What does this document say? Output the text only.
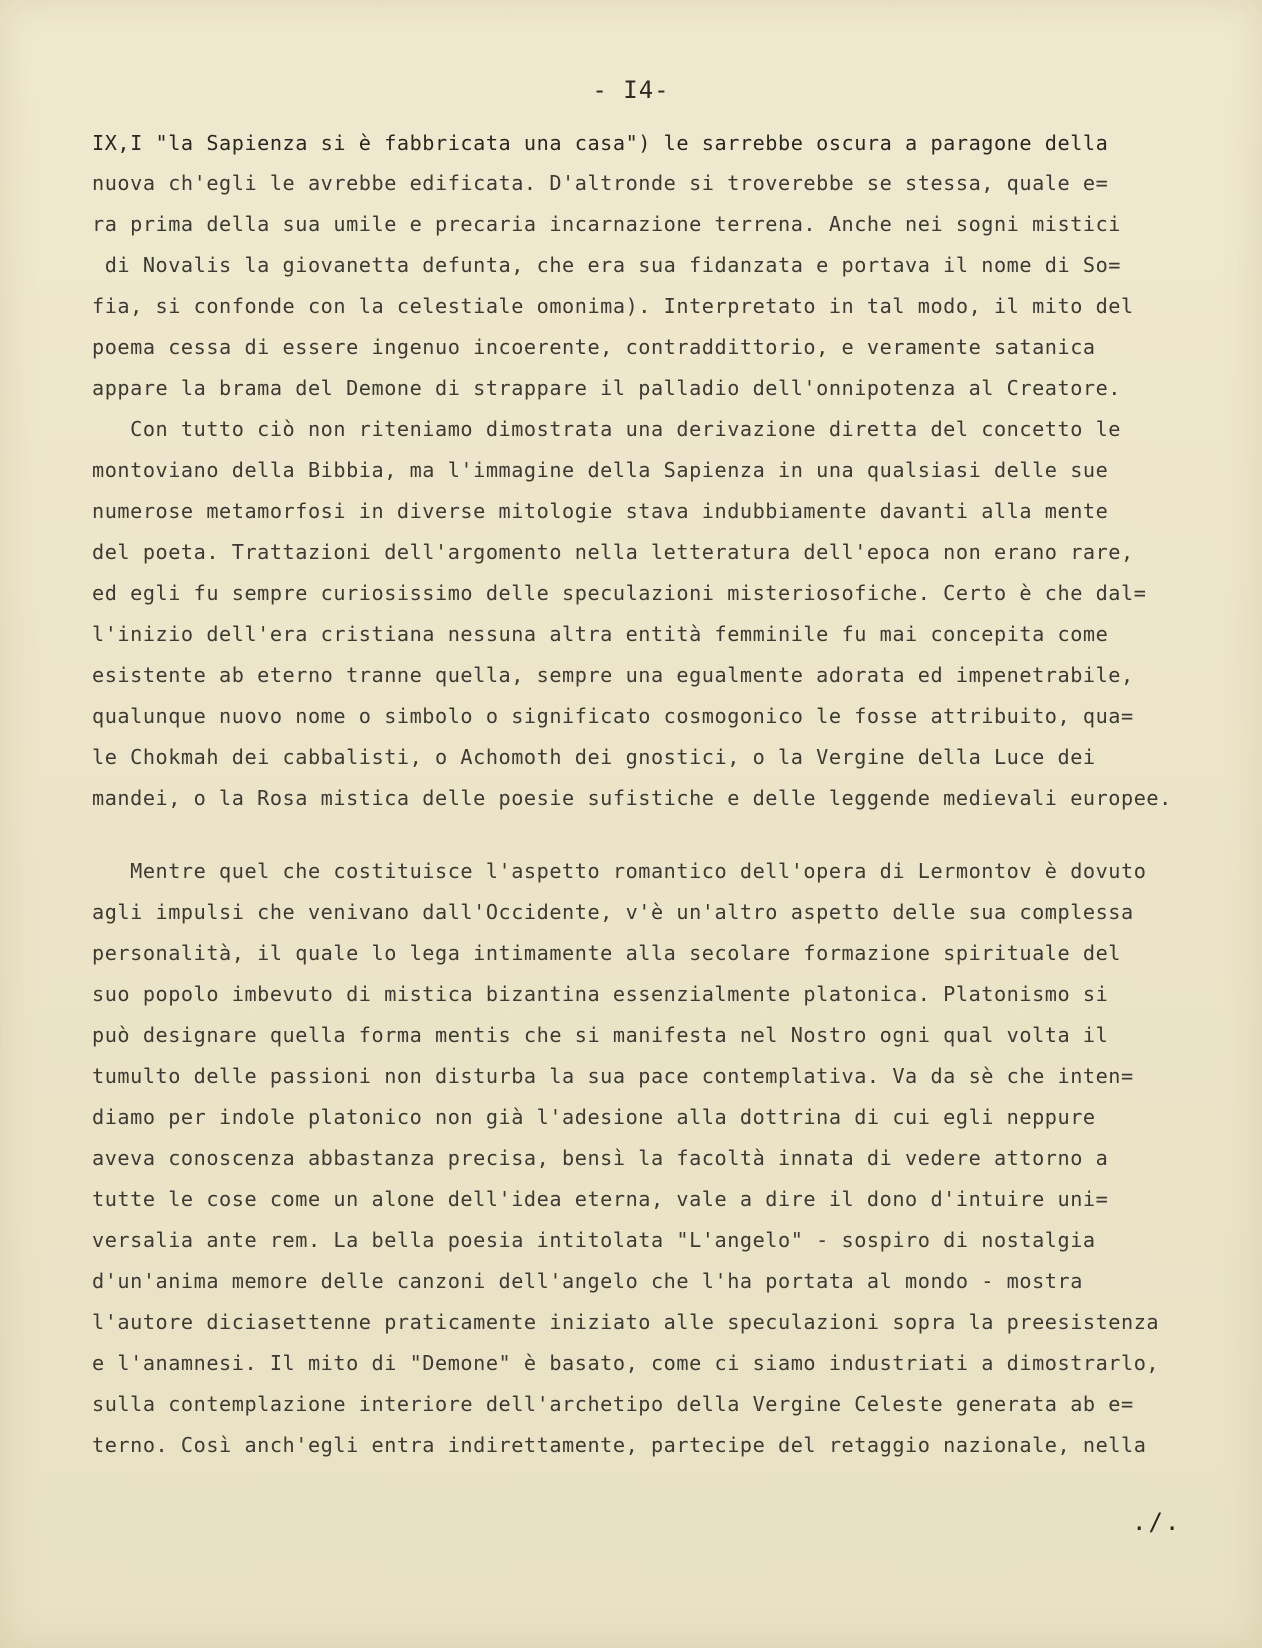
- I4-
IX,I "la Sapienza si è fabbricata una casa") le sarrebbe oscura a paragone della
nuova ch'egli le avrebbe edificata. D'altronde si troverebbe se stessa, quale e=
ra prima della sua umile e precaria incarnazione terrena. Anche nei sogni mistici
di Novalis la giovanetta defunta, che era sua fidanzata e portava il nome di So=
fia, si confonde con la celestiale omonima). Interpretato in tal modo, il mito del
poema cessa di essere ingenuo incoerente, contraddittorio, e veramente satanica
appare la brama del Demone di strappare il palladio dell'onnipotenza al Creatore.
Con tutto ciò non riteniamo dimostrata una derivazione diretta del concetto le
montoviano della Bibbia, ma l'immagine della Sapienza in una qualsiasi delle sue
numerose metamorfosi in diverse mitologie stava indubbiamente davanti alla mente
del poeta. Trattazioni dell'argomento nella letteratura dell'epoca non erano rare,
ed egli fu sempre curiosissimo delle speculazioni misteriosofiche. Certo è che dal=
l'inizio dell'era cristiana nessuna altra entità femminile fu mai concepita come
esistente ab eterno tranne quella, sempre una egualmente adorata ed impenetrabile,
qualunque nuovo nome o simbolo o significato cosmogonico le fosse attribuito, qua=
le Chokmah dei cabbalisti, o Achomoth dei gnostici, o la Vergine della Luce dei
mandei, o la Rosa mistica delle poesie sufistiche e delle leggende medievali europee.
Mentre quel che costituisce l'aspetto romantico dell'opera di Lermontov è dovuto
agli impulsi che venivano dall'Occidente, v'è un'altro aspetto delle sua complessa
personalità, il quale lo lega intimamente alla secolare formazione spirituale del
suo popolo imbevuto di mistica bizantina essenzialmente platonica. Platonismo si
può designare quella forma mentis che si manifesta nel Nostro ogni qual volta il
tumulto delle passioni non disturba la sua pace contemplativa. Va da sè che inten=
diamo per indole platonico non già l'adesione alla dottrina di cui egli neppure
aveva conoscenza abbastanza precisa, bensì la facoltà innata di vedere attorno a
tutte le cose come un alone dell'idea eterna, vale a dire il dono d'intuire uni=
versalia ante rem. La bella poesia intitolata "L'angelo" - sospiro di nostalgia
d'un'anima memore delle canzoni dell'angelo che l'ha portata al mondo - mostra
l'autore diciasettenne praticamente iniziato alle speculazioni sopra la preesistenza
e l'anamnesi. Il mito di "Demone" è basato, come ci siamo industriati a dimostrarlo,
sulla contemplazione interiore dell'archetipo della Vergine Celeste generata ab e=
terno. Così anch'egli entra indirettamente, partecipe del retaggio nazionale, nella
./.
